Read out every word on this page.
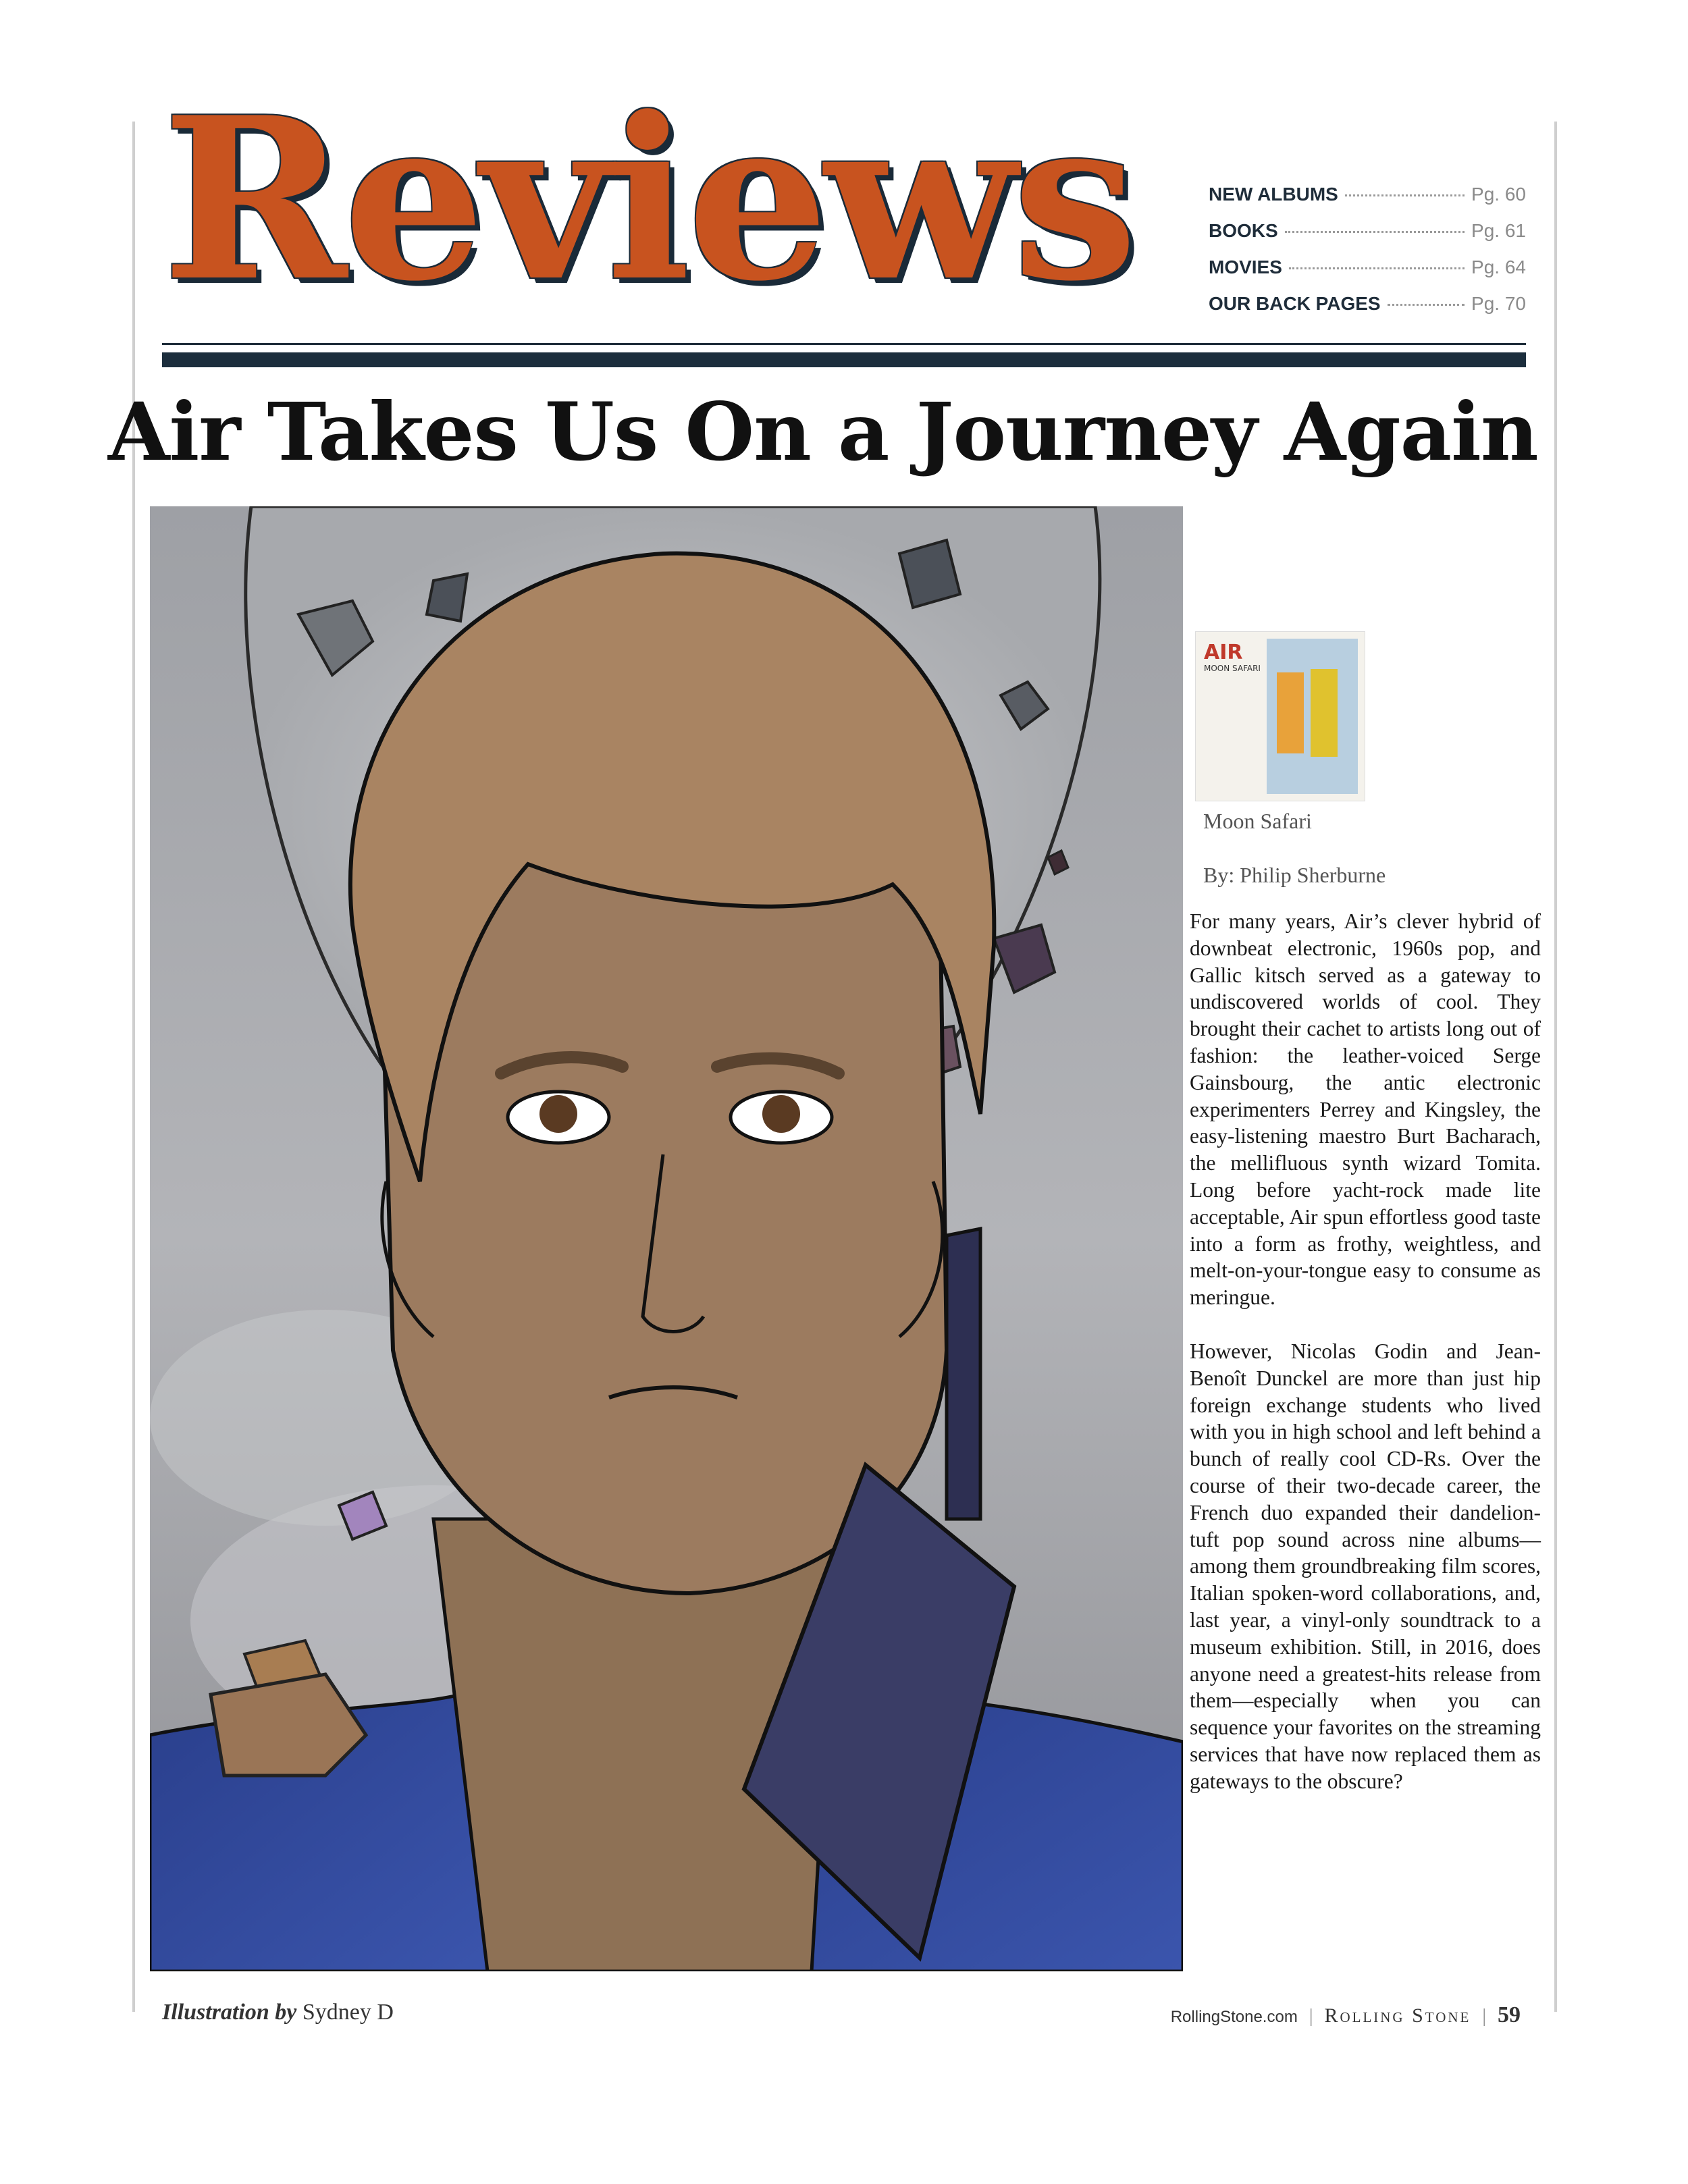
Reviews	NEW ALBUMS	Pg. 60
BOOKS	Pg. 61
MOVIES	Pg. 64
OUR BACK PAGES	Pg. 70
Air Takes Us On a Journey Again
AIR
MOON SAFARI
Moon Safari
By: Philip Sherburne

For many years, Air’s clever hybrid of downbeat electronic, 1960s pop, and Gallic kitsch served as a gateway to undiscovered worlds of cool. They brought their cachet to artists long out of fashion: the leather-voiced Serge Gainsbourg, the antic electronic experimenters Perrey and Kingsley, the easy-listening maestro Burt Bacharach, the mellifluous synth wizard Tomita. Long before yacht-rock made lite acceptable, Air spun effortless good taste into a form as frothy, weightless, and melt-on-your-tongue easy to consume as meringue.

However, Nicolas Godin and Jean-Benoît Dunckel are more than just hip foreign exchange students who lived with you in high school and left behind a bunch of really cool CD-Rs. Over the course of their two-decade career, the French duo expanded their dandelion-tuft pop sound across nine albums—among them groundbreaking film scores, Italian spoken-word collaborations, and, last year, a vinyl-only soundtrack to a museum exhibition. Still, in 2016, does anyone need a greatest-hits release from them—especially when you can sequence your favorites on the streaming services that have now replaced them as gateways to the obscure?

Illustration by Sydney D	RollingStone.com | Rolling Stone | 59
